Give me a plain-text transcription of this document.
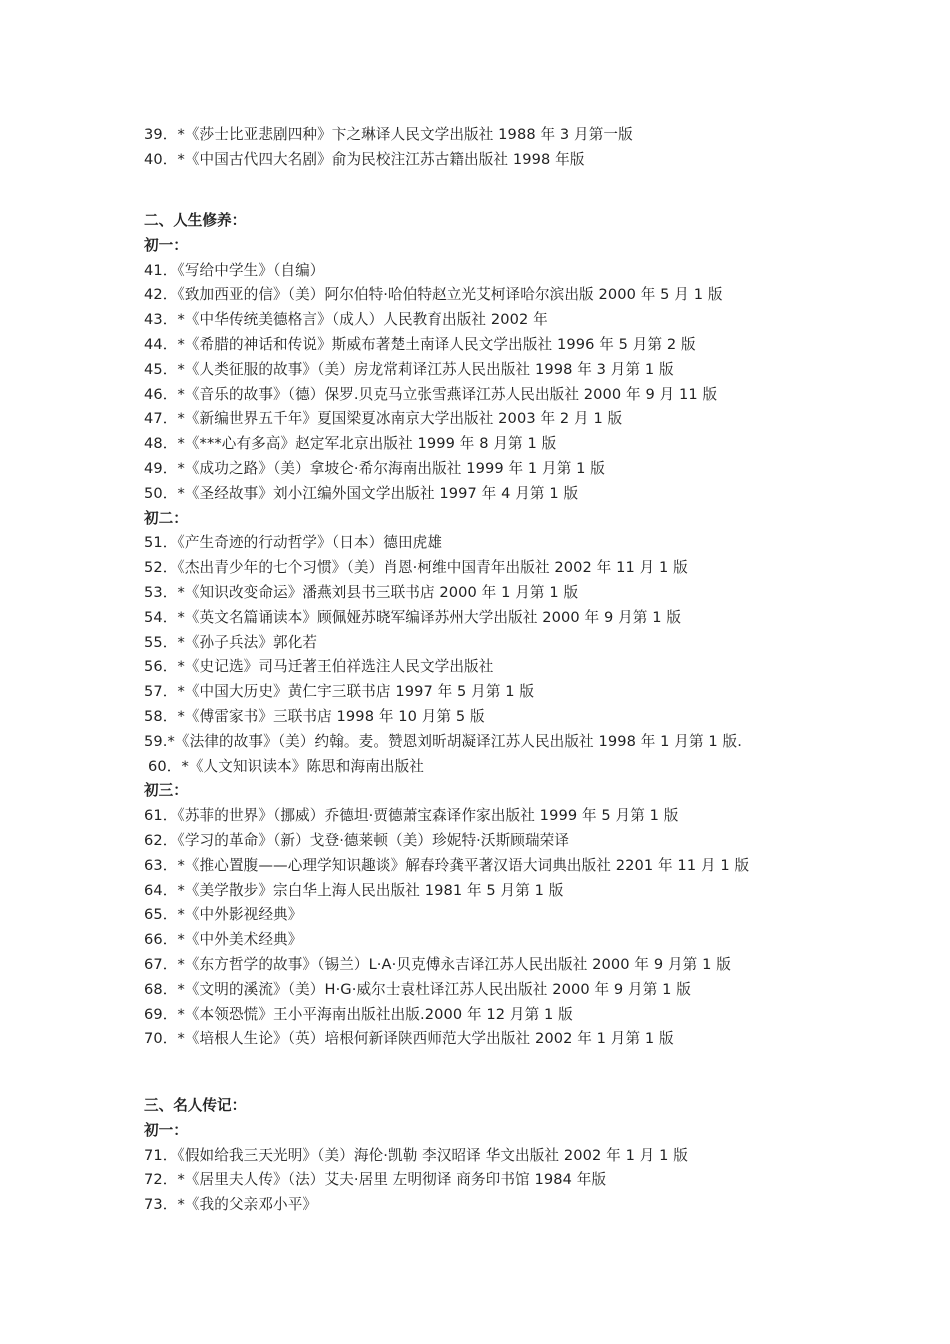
39．*《莎士比亚悲剧四种》卞之琳译人民文学出版社 1988 年 3 月第一版
40．*《中国古代四大名剧》俞为民校注江苏古籍出版社 1998 年版
二、人生修养：
初一：
41．《写给中学生》（自编）
42．《致加西亚的信》（美）阿尔伯特·哈伯特赵立光艾柯译哈尔滨出版 2000 年 5 月 1 版
43．*《中华传统美德格言》（成人）人民教育出版社 2002 年
44．*《希腊的神话和传说》斯威布著楚土南译人民文学出版社 1996 年 5 月第 2 版
45．*《人类征服的故事》（美）房龙常莉译江苏人民出版社 1998 年 3 月第 1 版
46．*《音乐的故事》（德）保罗.贝克马立张雪燕译江苏人民出版社 2000 年 9 月 11 版
47．*《新编世界五千年》夏国梁夏冰南京大学出版社 2003 年 2 月 1 版
48．*《***心有多高》赵定军北京出版社 1999 年 8 月第 1 版
49．*《成功之路》（美）拿坡仑·希尔海南出版社 1999 年 1 月第 1 版
50．*《圣经故事》刘小江编外国文学出版社 1997 年 4 月第 1 版
初二：
51．《产生奇迹的行动哲学》（日本）德田虎雄
52．《杰出青少年的七个习惯》（美）肖恩·柯维中国青年出版社 2002 年 11 月 1 版
53．*《知识改变命运》潘燕刘县书三联书店 2000 年 1 月第 1 版
54．*《英文名篇诵读本》顾佩娅苏晓军编译苏州大学出版社 2000 年 9 月第 1 版
55．*《孙子兵法》郭化若
56．*《史记选》司马迁著王伯祥选注人民文学出版社
57．*《中国大历史》黄仁宇三联书店 1997 年 5 月第 1 版
58．*《傅雷家书》三联书店 1998 年 10 月第 5 版
59.*《法律的故事》（美）约翰。麦。赞恩刘昕胡凝译江苏人民出版社 1998 年 1 月第 1 版.
60．*《人文知识读本》陈思和海南出版社
初三：
61．《苏菲的世界》（挪威）乔德坦·贾德萧宝森译作家出版社 1999 年 5 月第 1 版
62．《学习的革命》（新）戈登·德莱顿（美）珍妮特·沃斯顾瑞荣译
63．*《推心置腹——心理学知识趣谈》解春玲龚平著汉语大词典出版社 2201 年 11 月 1 版
64．*《美学散步》宗白华上海人民出版社 1981 年 5 月第 1 版
65．*《中外影视经典》
66．*《中外美术经典》
67．*《东方哲学的故事》（锡兰）L·A·贝克傅永吉译江苏人民出版社 2000 年 9 月第 1 版
68．*《文明的溪流》（美）H·G·威尔士袁杜译江苏人民出版社 2000 年 9 月第 1 版
69．*《本领恐慌》王小平海南出版社出版.2000 年 12 月第 1 版
70．*《培根人生论》（英）培根何新译陕西师范大学出版社 2002 年 1 月第 1 版
三、名人传记：
初一：
71．《假如给我三天光明》（美）海伦·凯勒 李汉昭译 华文出版社 2002 年 1 月 1 版
72．*《居里夫人传》（法）艾夫·居里 左明彻译 商务印书馆 1984 年版
73．*《我的父亲邓小平》
